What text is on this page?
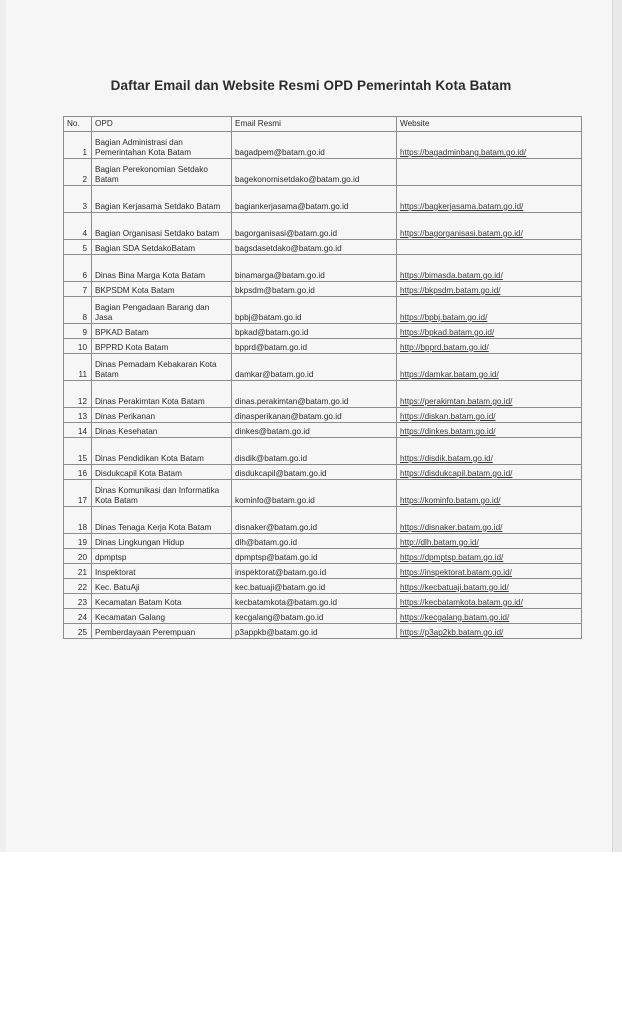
Daftar Email dan Website Resmi OPD Pemerintah Kota Batam
No.	OPD	Email Resmi	Website
1	Bagian Administrasi dan Pemerintahan Kota Batam	bagadpem@batam.go.id	https://bagadminbang.batam.go.id/
2	Bagian Perekonomian Setdako Batam	bagekonomisetdako@batam.go.id	
3	Bagian Kerjasama Setdako Batam	bagiankerjasama@batam.go.id	https://bagkerjasama.batam.go.id/
4	Bagian Organisasi Setdako batam	bagorganisasi@batam.go.id	https://bagorganisasi.batam.go.id/
5	Bagian SDA SetdakoBatam	bagsdasetdako@batam.go.id	
6	Dinas Bina Marga Kota Batam	binamarga@batam.go.id	https://bimasda.batam.go.id/
7	BKPSDM Kota Batam	bkpsdm@batam.go.id	https://bkpsdm.batam.go.id/
8	Bagian Pengadaan Barang dan Jasa	bpbj@batam.go.id	https://bpbj.batam.go.id/
9	BPKAD Batam	bpkad@batam.go.id	https://bpkad.batam.go.id/
10	BPPRD Kota Batam	bpprd@batam.go.id	http://bpprd.batam.go.id/
11	Dinas Pemadam Kebakaran Kota Batam	damkar@batam.go.id	https://damkar.batam.go.id/
12	Dinas Perakimtan Kota Batam	dinas.perakimtan@batam.go.id	https://perakimtan.batam.go.id/
13	Dinas Perikanan	dinasperikanan@batam.go.id	https://diskan.batam.go.id/
14	Dinas Kesehatan	dinkes@batam.go.id	https://dinkes.batam.go.id/
15	Dinas Pendidikan Kota Batam	disdik@batam.go.id	https://disdik.batam.go.id/
16	Disdukcapil Kota Batam	disdukcapil@batam.go.id	https://disdukcapil.batam.go.id/
17	Dinas Komunikasi dan Informatika Kota Batam	kominfo@batam.go.id	https://kominfo.batam.go.id/
18	Dinas Tenaga Kerja Kota Batam	disnaker@batam.go.id	https://disnaker.batam.go.id/
19	Dinas Lingkungan Hidup	dlh@batam.go.id	http://dlh.batam.go.id/
20	dpmptsp	dpmptsp@batam.go.id	https://dpmptsp.batam.go.id/
21	Inspektorat	inspektorat@batam.go.id	https://inspektorat.batam.go.id/
22	Kec. BatuAji	kec.batuaji@batam.go.id	https://kecbatuaji.batam.go.id/
23	Kecamatan Batam Kota	kecbatamkota@batam.go.id	https://kecbatamkota.batam.go.id/
24	Kecamatan Galang	kecgalang@batam.go.id	https://kecgalang.batam.go.id/
25	Pemberdayaan Perempuan	p3appkb@batam.go.id	https://p3ap2kb.batam.go.id/
